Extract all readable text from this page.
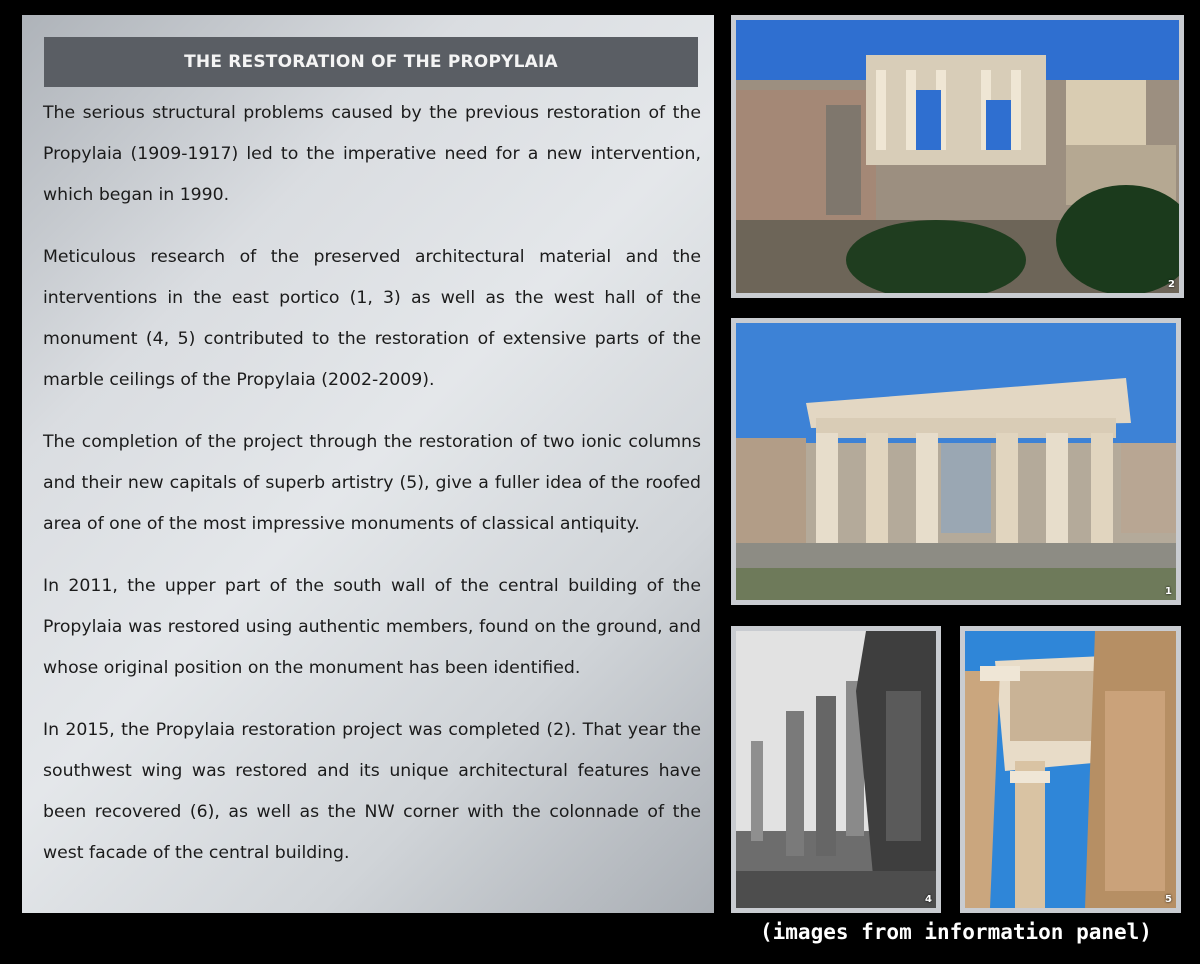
THE RESTORATION OF THE PROPYLAIA

The serious structural problems caused by the previous restoration of the Propylaia (1909-1917) led to the imperative need for a new intervention, which began in 1990.

Meticulous research of the preserved architectural material and the interventions in the east portico (1, 3) as well as the west hall of the monument (4, 5) contributed to the restoration of extensive parts of the marble ceilings of the Propylaia (2002-2009).

The completion of the project through the restoration of two ionic columns and their new capitals of superb artistry (5), give a fuller idea of the roofed area of one of the most impressive monuments of classical antiquity.

In 2011, the upper part of the south wall of the central building of the Propylaia was restored using authentic members, found on the ground, and whose original position on the monument has been identified.

In 2015, the Propylaia restoration project was completed (2). That year the southwest wing was restored and its unique architectural features have been recovered (6), as well as the NW corner with the colonnade of the west facade of the central building.

2
1
4	5
(images from information panel)
